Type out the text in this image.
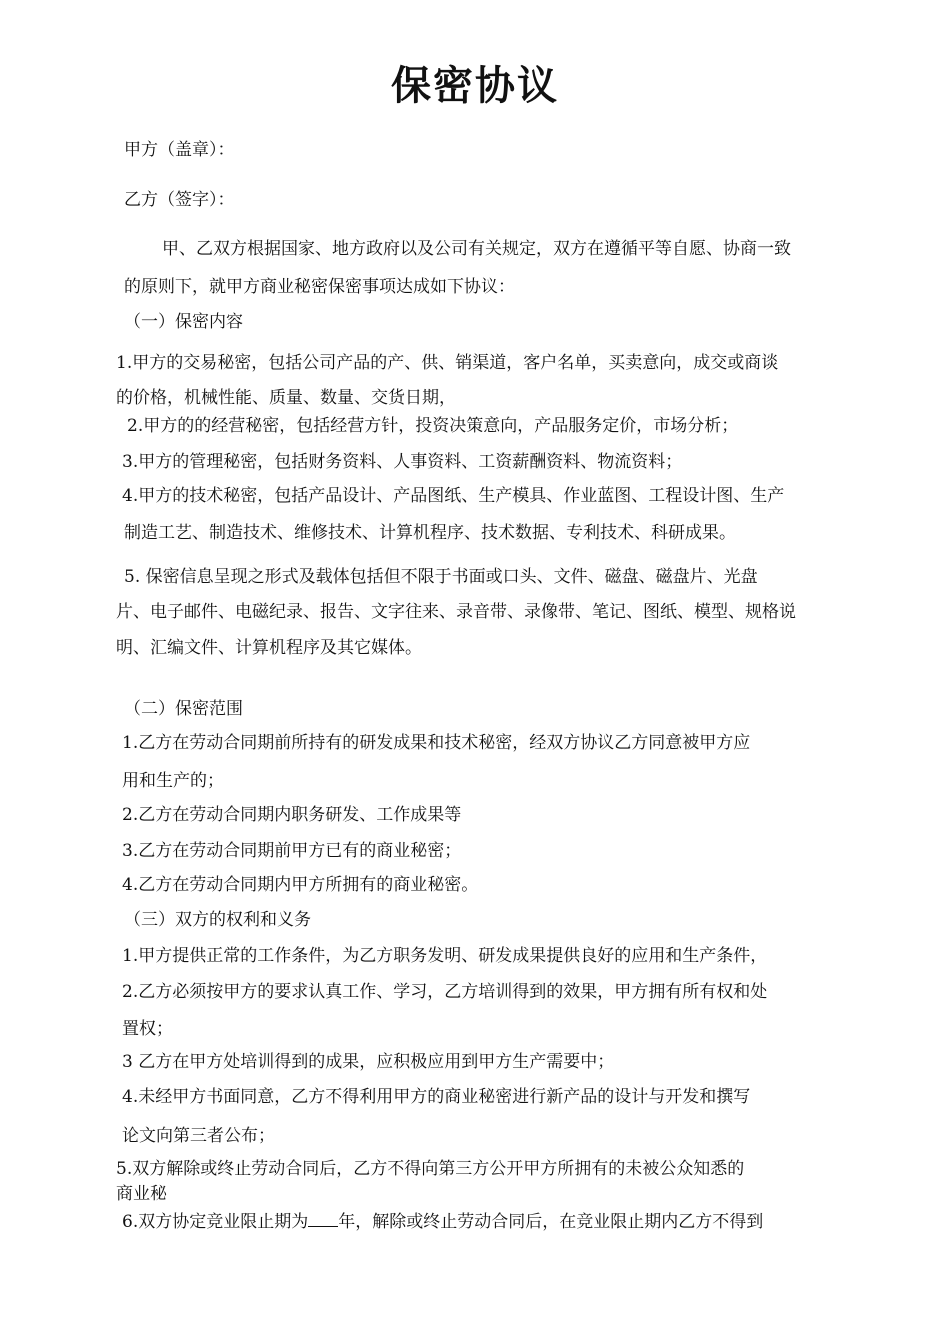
保密协议
甲方（盖章）：
乙方（签字）：
甲、乙双方根据国家、地方政府以及公司有关规定，双方在遵循平等自愿、协商一致
的原则下，就甲方商业秘密保密事项达成如下协议：
（一）保密内容
1.甲方的交易秘密，包括公司产品的产、供、销渠道，客户名单，买卖意向，成交或商谈
的价格，机械性能、质量、数量、交货日期，
2.甲方的的经营秘密，包括经营方针，投资决策意向，产品服务定价，市场分析；
3.甲方的管理秘密，包括财务资料、人事资料、工资薪酬资料、物流资料；
4.甲方的技术秘密，包括产品设计、产品图纸、生产模具、作业蓝图、工程设计图、生产
制造工艺、制造技术、维修技术、计算机程序、技术数据、专利技术、科研成果。
5. 保密信息呈现之形式及载体包括但不限于书面或口头、文件、磁盘、磁盘片、光盘
片、电子邮件、电磁纪录、报告、文字往来、录音带、录像带、笔记、图纸、模型、规格说
明、汇编文件、计算机程序及其它媒体。
（二）保密范围
1.乙方在劳动合同期前所持有的研发成果和技术秘密，经双方协议乙方同意被甲方应
用和生产的；
2.乙方在劳动合同期内职务研发、工作成果等
3.乙方在劳动合同期前甲方已有的商业秘密；
4.乙方在劳动合同期内甲方所拥有的商业秘密。
（三）双方的权利和义务
1.甲方提供正常的工作条件，为乙方职务发明、研发成果提供良好的应用和生产条件，
2.乙方必须按甲方的要求认真工作、学习，乙方培训得到的效果，甲方拥有所有权和处
置权；
3 乙方在甲方处培训得到的成果，应积极应用到甲方生产需要中；
4.未经甲方书面同意，乙方不得利用甲方的商业秘密进行新产品的设计与开发和撰写
论文向第三者公布；
5.双方解除或终止劳动合同后，乙方不得向第三方公开甲方所拥有的未被公众知悉的
商业秘
6.双方协定竞业限止期为 年，解除或终止劳动合同后，在竞业限止期内乙方不得到
